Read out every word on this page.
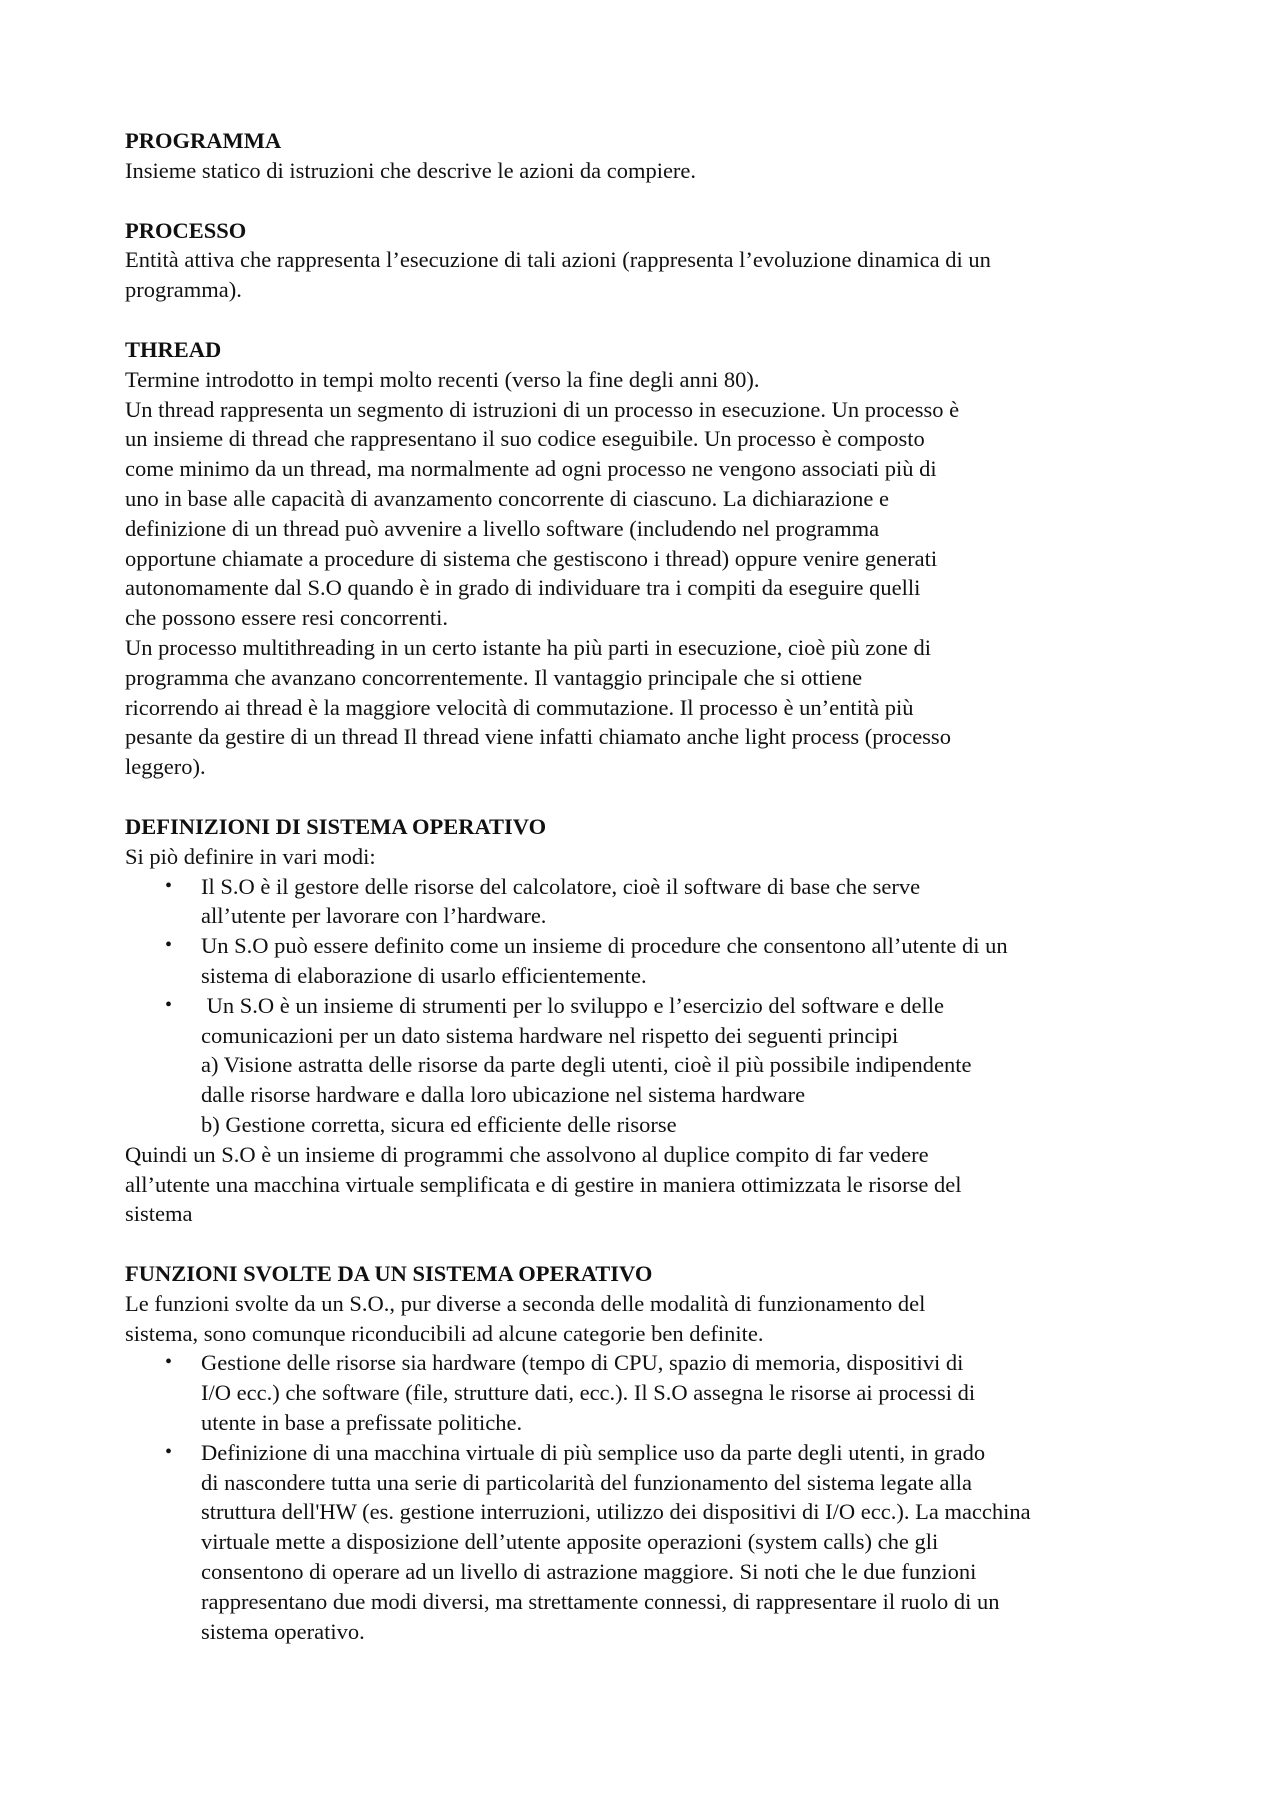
PROGRAMMA

Insieme statico di istruzioni che descrive le azioni da compiere.

PROCESSO

Entità attiva che rappresenta l’esecuzione di tali azioni (rappresenta l’evoluzione dinamica di un

programma).

THREAD

Termine introdotto in tempi molto recenti (verso la fine degli anni 80).

Un thread rappresenta un segmento di istruzioni di un processo in esecuzione. Un processo è

un insieme di thread che rappresentano il suo codice eseguibile. Un processo è composto

come minimo da un thread, ma normalmente ad ogni processo ne vengono associati più di

uno in base alle capacità di avanzamento concorrente di ciascuno. La dichiarazione e

definizione di un thread può avvenire a livello software (includendo nel programma

opportune chiamate a procedure di sistema che gestiscono i thread) oppure venire generati

autonomamente dal S.O quando è in grado di individuare tra i compiti da eseguire quelli

che possono essere resi concorrenti.

Un processo multithreading in un certo istante ha più parti in esecuzione, cioè più zone di

programma che avanzano concorrentemente. Il vantaggio principale che si ottiene

ricorrendo ai thread è la maggiore velocità di commutazione. Il processo è un’entità più

pesante da gestire di un thread Il thread viene infatti chiamato anche light process (processo

leggero).

DEFINIZIONI DI SISTEMA OPERATIVO

Si piò definire in vari modi:

• Il S.O è il gestore delle risorse del calcolatore, cioè il software di base che serve

all’utente per lavorare con l’hardware.

• Un S.O può essere definito come un insieme di procedure che consentono all’utente di un

sistema di elaborazione di usarlo efficientemente.

• Un S.O è un insieme di strumenti per lo sviluppo e l’esercizio del software e delle

comunicazioni per un dato sistema hardware nel rispetto dei seguenti principi

a) Visione astratta delle risorse da parte degli utenti, cioè il più possibile indipendente

dalle risorse hardware e dalla loro ubicazione nel sistema hardware

b) Gestione corretta, sicura ed efficiente delle risorse

Quindi un S.O è un insieme di programmi che assolvono al duplice compito di far vedere

all’utente una macchina virtuale semplificata e di gestire in maniera ottimizzata le risorse del

sistema

FUNZIONI SVOLTE DA UN SISTEMA OPERATIVO

Le funzioni svolte da un S.O., pur diverse a seconda delle modalità di funzionamento del

sistema, sono comunque riconducibili ad alcune categorie ben definite.

• Gestione delle risorse sia hardware (tempo di CPU, spazio di memoria, dispositivi di

I/O ecc.) che software (file, strutture dati, ecc.). Il S.O assegna le risorse ai processi di

utente in base a prefissate politiche.

• Definizione di una macchina virtuale di più semplice uso da parte degli utenti, in grado

di nascondere tutta una serie di particolarità del funzionamento del sistema legate alla

struttura dell'HW (es. gestione interruzioni, utilizzo dei dispositivi di I/O ecc.). La macchina

virtuale mette a disposizione dell’utente apposite operazioni (system calls) che gli

consentono di operare ad un livello di astrazione maggiore. Si noti che le due funzioni

rappresentano due modi diversi, ma strettamente connessi, di rappresentare il ruolo di un

sistema operativo.
